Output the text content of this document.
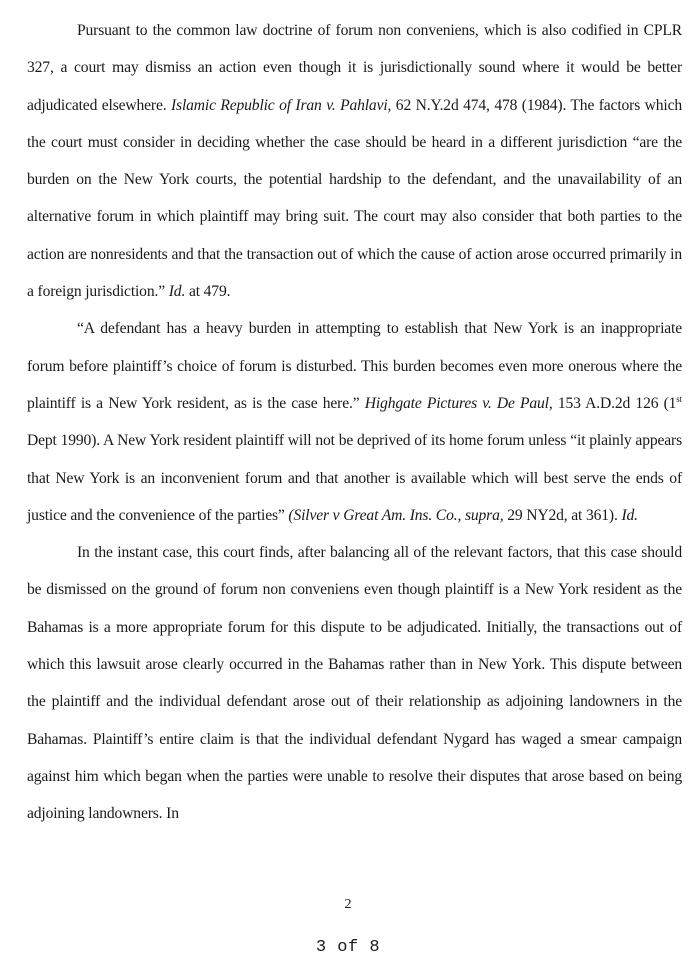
Pursuant to the common law doctrine of forum non conveniens, which is also codified in CPLR 327, a court may dismiss an action even though it is jurisdictionally sound where it would be better adjudicated elsewhere. Islamic Republic of Iran v. Pahlavi, 62 N.Y.2d 474, 478 (1984). The factors which the court must consider in deciding whether the case should be heard in a different jurisdiction “are the burden on the New York courts, the potential hardship to the defendant, and the unavailability of an alternative forum in which plaintiff may bring suit. The court may also consider that both parties to the action are nonresidents and that the transaction out of which the cause of action arose occurred primarily in a foreign jurisdiction.” Id. at 479.

“A defendant has a heavy burden in attempting to establish that New York is an inappropriate forum before plaintiff’s choice of forum is disturbed. This burden becomes even more onerous where the plaintiff is a New York resident, as is the case here.” Highgate Pictures v. De Paul, 153 A.D.2d 126 (1st Dept 1990). A New York resident plaintiff will not be deprived of its home forum unless “it plainly appears that New York is an inconvenient forum and that another is available which will best serve the ends of justice and the convenience of the parties” (Silver v Great Am. Ins. Co., supra, 29 NY2d, at 361). Id.

In the instant case, this court finds, after balancing all of the relevant factors, that this case should be dismissed on the ground of forum non conveniens even though plaintiff is a New York resident as the Bahamas is a more appropriate forum for this dispute to be adjudicated. Initially, the transactions out of which this lawsuit arose clearly occurred in the Bahamas rather than in New York. This dispute between the plaintiff and the individual defendant arose out of their relationship as adjoining landowners in the Bahamas. Plaintiff’s entire claim is that the individual defendant Nygard has waged a smear campaign against him which began when the parties were unable to resolve their disputes that arose based on being adjoining landowners. In

2
3 of 8
